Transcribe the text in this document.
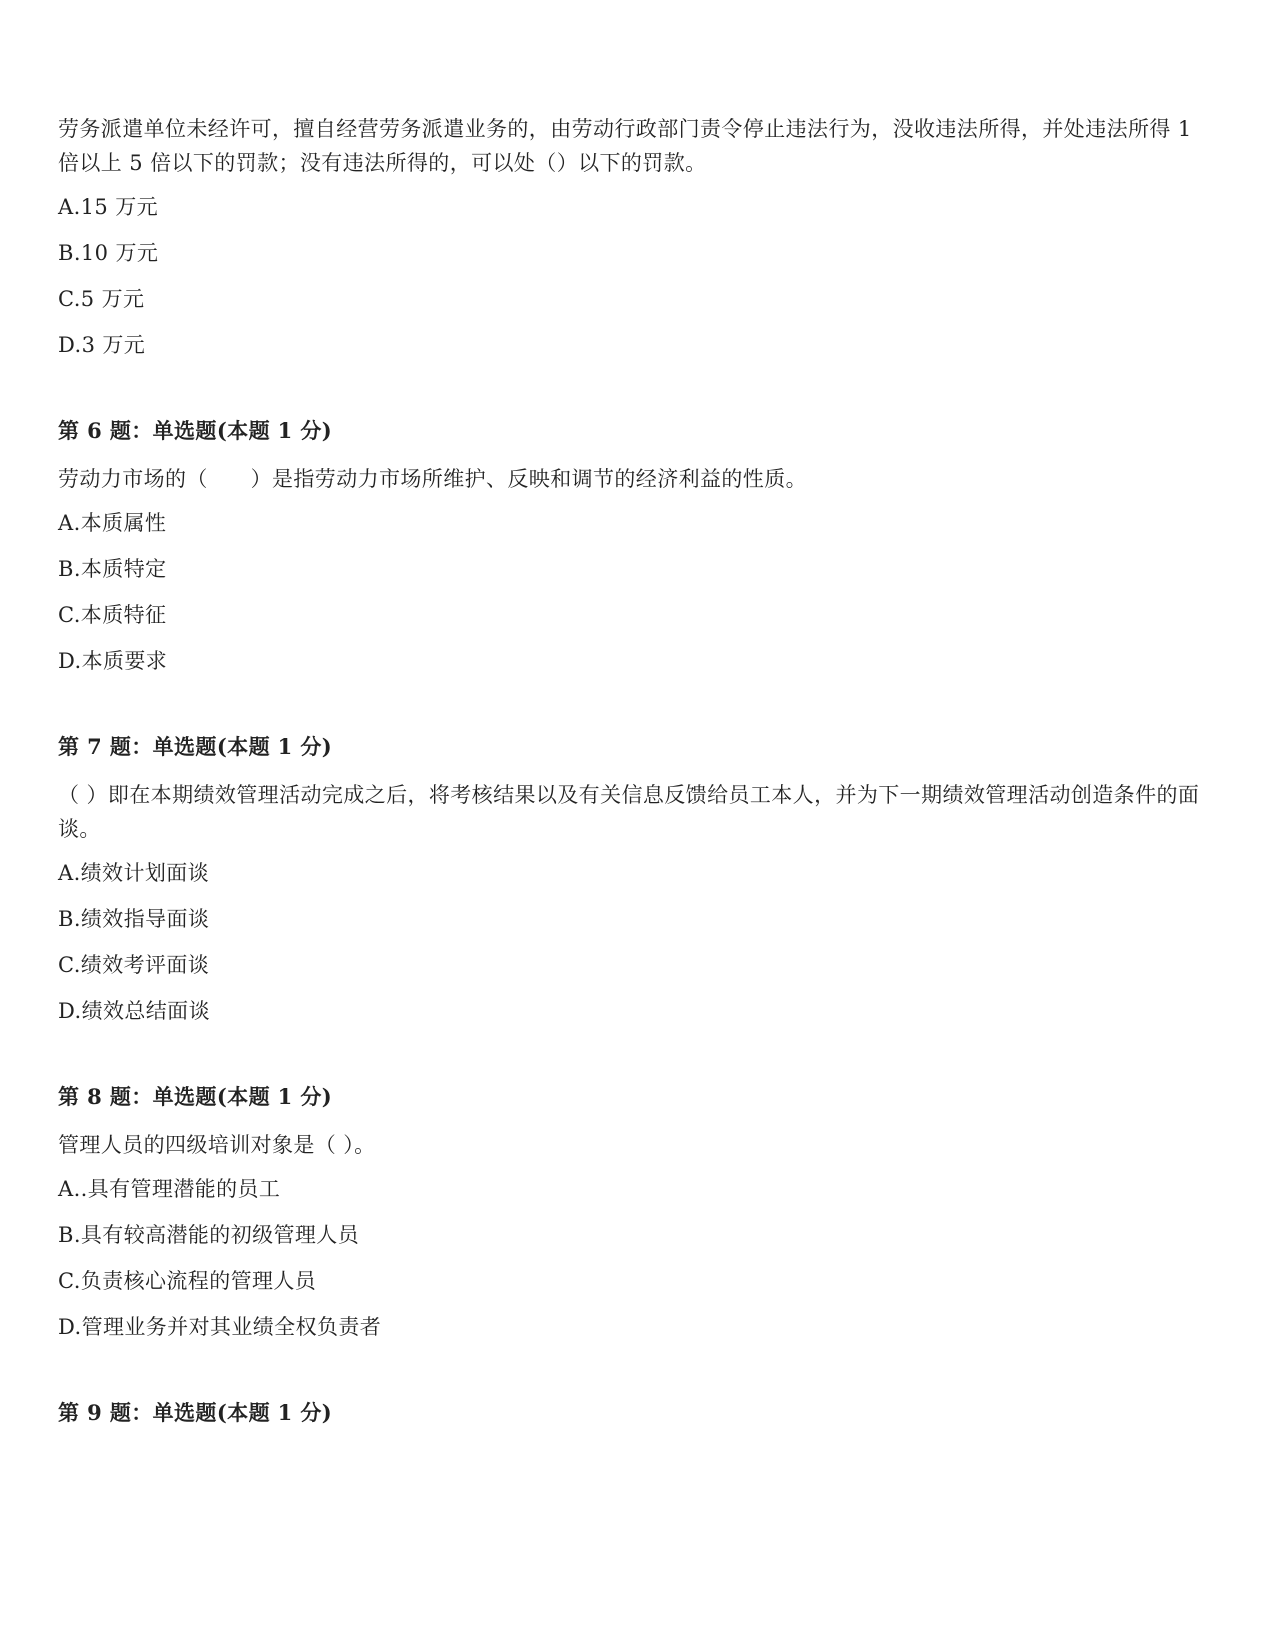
劳务派遣单位未经许可，擅自经营劳务派遣业务的，由劳动行政部门责令停止违法行为，没收违法所得，并处违法所得 1 倍以上 5 倍以下的罚款；没有违法所得的，可以处（）以下的罚款。

A.15 万元

B.10 万元

C.5 万元

D.3 万元

第 6 题：单选题(本题 1 分)

劳动力市场的（　　）是指劳动力市场所维护、反映和调节的经济利益的性质。

A.本质属性

B.本质特定

C.本质特征

D.本质要求

第 7 题：单选题(本题 1 分)

（ ）即在本期绩效管理活动完成之后，将考核结果以及有关信息反馈给员工本人，并为下一期绩效管理活动创造条件的面谈。

A.绩效计划面谈

B.绩效指导面谈

C.绩效考评面谈

D.绩效总结面谈

第 8 题：单选题(本题 1 分)

管理人员的四级培训对象是（ ）。

A..具有管理潜能的员工

B.具有较高潜能的初级管理人员

C.负责核心流程的管理人员

D.管理业务并对其业绩全权负责者

第 9 题：单选题(本题 1 分)
